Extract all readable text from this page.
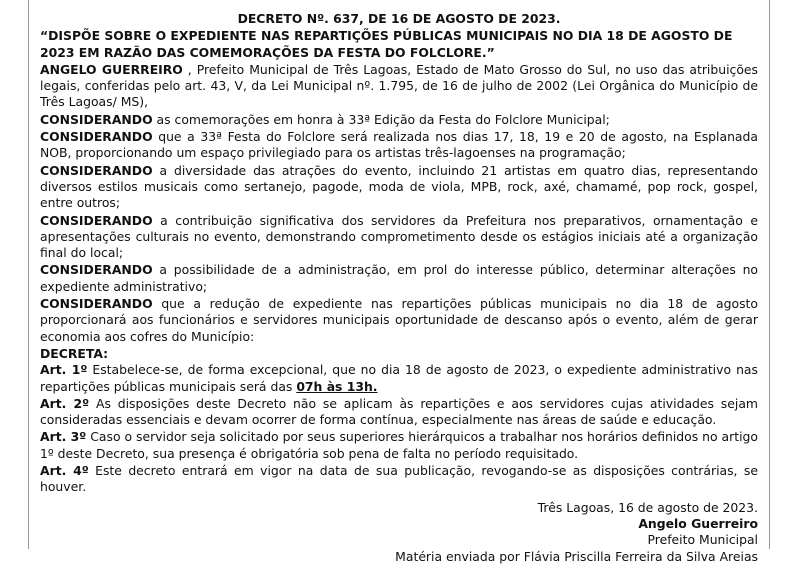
DECRETO Nº. 637, DE 16 DE AGOSTO DE 2023.
“DISPÕE SOBRE O EXPEDIENTE NAS REPARTIÇÕES PÚBLICAS MUNICIPAIS NO DIA 18 DE AGOSTO DE 2023 EM RAZÃO DAS COMEMORAÇÕES DA FESTA DO FOLCLORE.”

ANGELO GUERREIRO , Prefeito Municipal de Três Lagoas, Estado de Mato Grosso do Sul, no uso das atribuições legais, conferidas pelo art. 43, V, da Lei Municipal nº. 1.795, de 16 de julho de 2002 (Lei Orgânica do Município de Três Lagoas/ MS),

CONSIDERANDO as comemorações em honra à 33ª Edição da Festa do Folclore Municipal;

CONSIDERANDO que a 33ª Festa do Folclore será realizada nos dias 17, 18, 19 e 20 de agosto, na Esplanada NOB, proporcionando um espaço privilegiado para os artistas três-lagoenses na programação;

CONSIDERANDO a diversidade das atrações do evento, incluindo 21 artistas em quatro dias, representando diversos estilos musicais como sertanejo, pagode, moda de viola, MPB, rock, axé, chamamé, pop rock, gospel, entre outros;

CONSIDERANDO a contribuição significativa dos servidores da Prefeitura nos preparativos, ornamentação e apresentações culturais no evento, demonstrando comprometimento desde os estágios iniciais até a organização final do local;

CONSIDERANDO a possibilidade de a administração, em prol do interesse público, determinar alterações no expediente administrativo;

CONSIDERANDO que a redução de expediente nas repartições públicas municipais no dia 18 de agosto proporcionará aos funcionários e servidores municipais oportunidade de descanso após o evento, além de gerar economia aos cofres do Município:

DECRETA:

Art. 1º Estabelece-se, de forma excepcional, que no dia 18 de agosto de 2023, o expediente administrativo nas repartições públicas municipais será das 07h às 13h.

Art. 2º As disposições deste Decreto não se aplicam às repartições e aos servidores cujas atividades sejam consideradas essenciais e devam ocorrer de forma contínua, especialmente nas áreas de saúde e educação.

Art. 3º Caso o servidor seja solicitado por seus superiores hierárquicos a trabalhar nos horários definidos no artigo 1º deste Decreto, sua presença é obrigatória sob pena de falta no período requisitado.

Art. 4º Este decreto entrará em vigor na data de sua publicação, revogando-se as disposições contrárias, se houver.

Três Lagoas, 16 de agosto de 2023.
Angelo Guerreiro
Prefeito Municipal
Matéria enviada por Flávia Priscilla Ferreira da Silva Areias
